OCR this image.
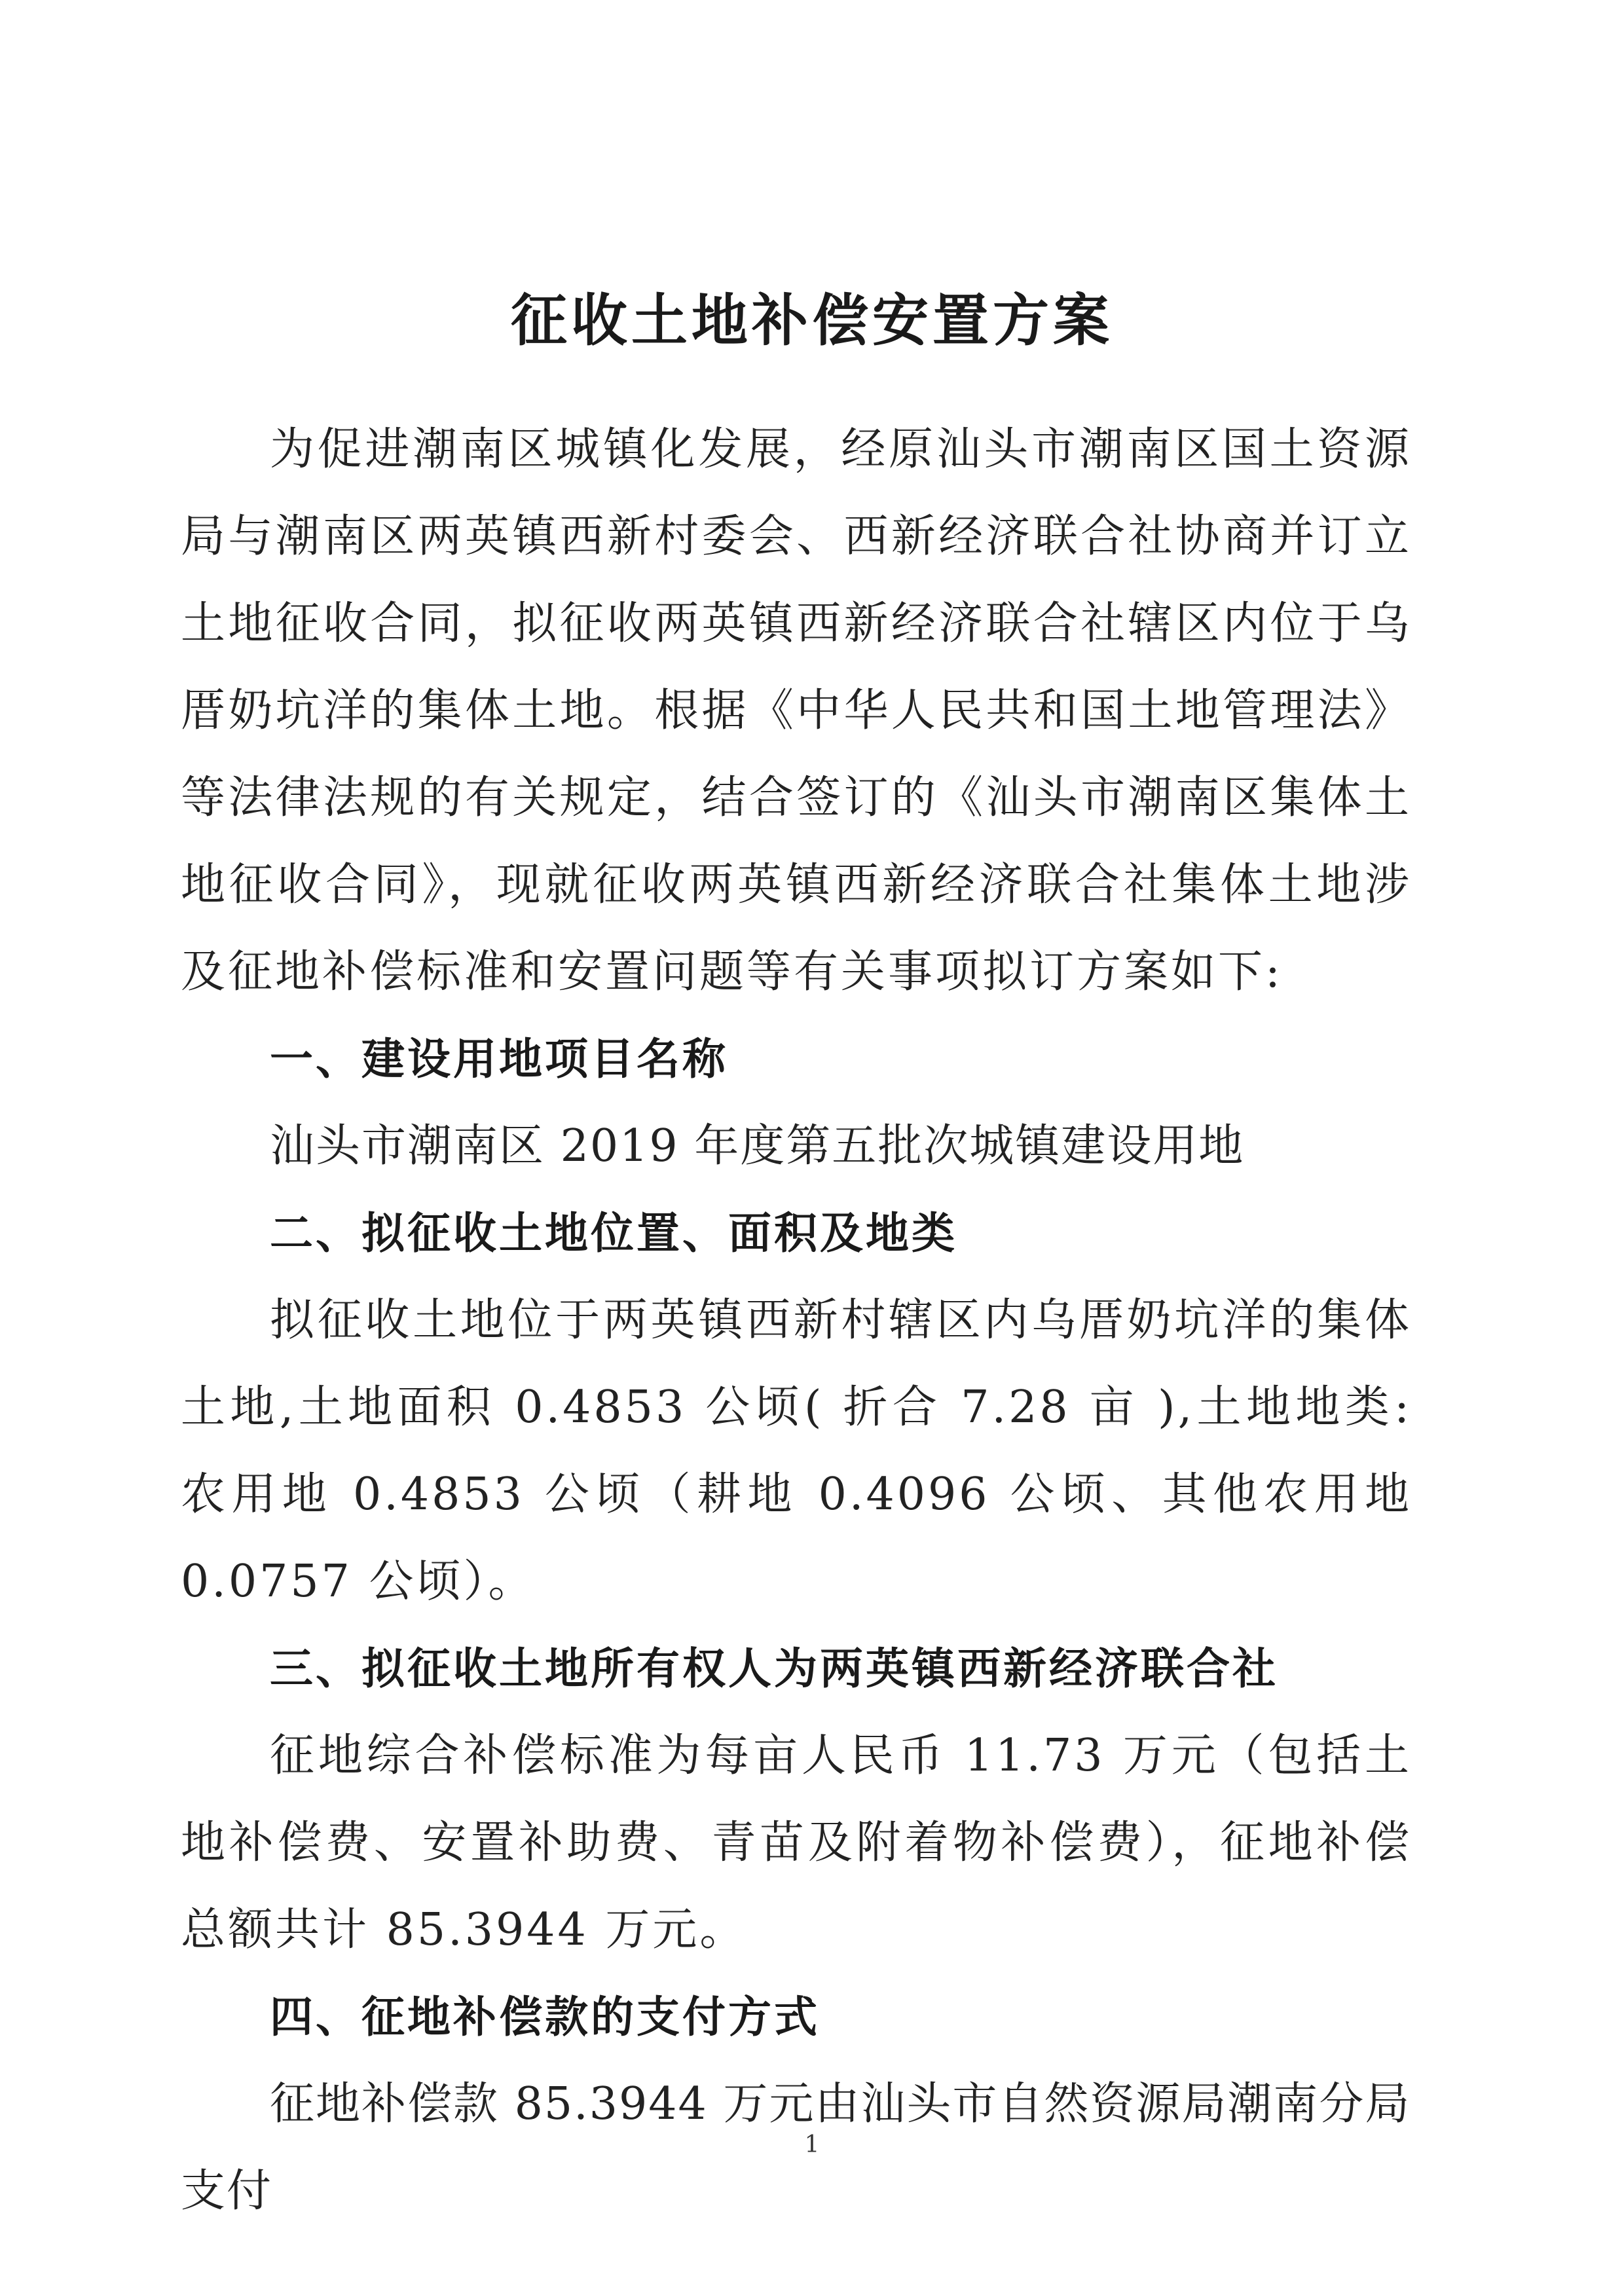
征收土地补偿安置方案

为促进潮南区城镇化发展，经原汕头市潮南区国土资源局与潮南区两英镇西新村委会、西新经济联合社协商并订立土地征收合同，拟征收两英镇西新经济联合社辖区内位于乌厝奶坑洋的集体土地。根据《中华人民共和国土地管理法》等法律法规的有关规定，结合签订的《汕头市潮南区集体土地征收合同》，现就征收两英镇西新经济联合社集体土地涉及征地补偿标准和安置问题等有关事项拟订方案如下:

一、建设用地项目名称

汕头市潮南区 2019 年度第五批次城镇建设用地

二、拟征收土地位置、面积及地类

拟征收土地位于两英镇西新村辖区内乌厝奶坑洋的集体土地,土地面积 0.4853 公顷( 折合 7.28 亩 ),土地地类: 农用地 0.4853 公顷（耕地 0.4096 公顷、其他农用地 0.0757 公顷）。

三、拟征收土地所有权人为两英镇西新经济联合社

征地综合补偿标准为每亩人民币 11.73 万元（包括土地补偿费、安置补助费、青苗及附着物补偿费），征地补偿总额共计 85.3944 万元。

四、征地补偿款的支付方式

征地补偿款 85.3944 万元由汕头市自然资源局潮南分局支付

1
